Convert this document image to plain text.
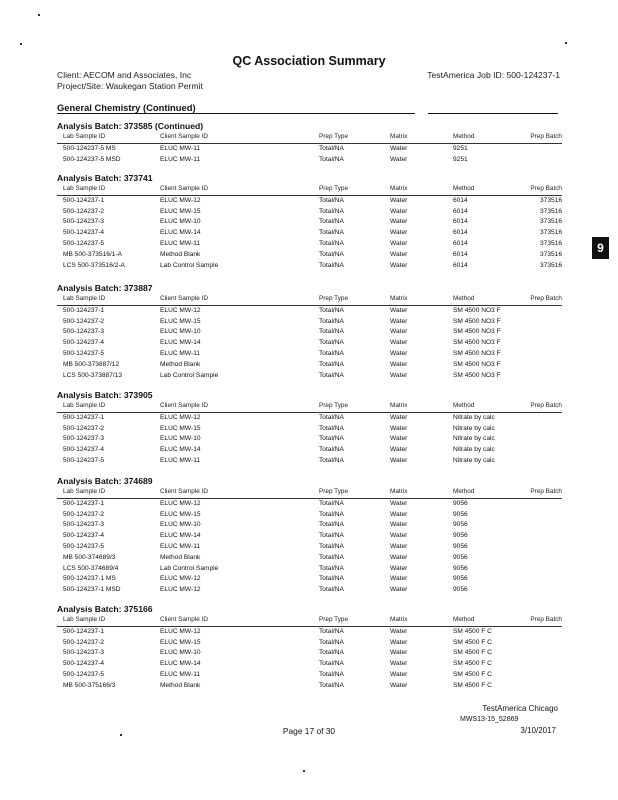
QC Association Summary
Client: AECOM and Associates, Inc
Project/Site: Waukegan Station Permit
TestAmerica Job ID: 500-124237-1
General Chemistry (Continued)
Analysis Batch: 373585 (Continued)
Lab Sample ID	Client Sample ID	Prep Type	Matrix	Method	Prep Batch
500-124237-5 MS	ELUC MW-11	Total/NA	Water	9251
500-124237-5 MSD	ELUC MW-11	Total/NA	Water	9251
Analysis Batch: 373741
Lab Sample ID	Client Sample ID	Prep Type	Matrix	Method	Prep Batch
500-124237-1	ELUC MW-12	Total/NA	Water	6014	373516
500-124237-2	ELUC MW-15	Total/NA	Water	6014	373516
500-124237-3	ELUC MW-10	Total/NA	Water	6014	373516
500-124237-4	ELUC MW-14	Total/NA	Water	6014	373516
500-124237-5	ELUC MW-11	Total/NA	Water	6014	373516
MB 500-373516/1-A	Method Blank	Total/NA	Water	6014	373516
LCS 500-373516/2-A	Lab Control Sample	Total/NA	Water	6014	373516
Analysis Batch: 373887
Lab Sample ID	Client Sample ID	Prep Type	Matrix	Method	Prep Batch
500-124237-1	ELUC MW-12	Total/NA	Water	SM 4500 NO3 F
500-124237-2	ELUC MW-15	Total/NA	Water	SM 4500 NO3 F
500-124237-3	ELUC MW-10	Total/NA	Water	SM 4500 NO3 F
500-124237-4	ELUC MW-14	Total/NA	Water	SM 4500 NO3 F
500-124237-5	ELUC MW-11	Total/NA	Water	SM 4500 NO3 F
MB 500-373887/12	Method Blank	Total/NA	Water	SM 4500 NO3 F
LCS 500-373887/13	Lab Control Sample	Total/NA	Water	SM 4500 NO3 F
Analysis Batch: 373905
Lab Sample ID	Client Sample ID	Prep Type	Matrix	Method	Prep Batch
500-124237-1	ELUC MW-12	Total/NA	Water	Nitrate by calc
500-124237-2	ELUC MW-15	Total/NA	Water	Nitrate by calc
500-124237-3	ELUC MW-10	Total/NA	Water	Nitrate by calc
500-124237-4	ELUC MW-14	Total/NA	Water	Nitrate by calc
500-124237-5	ELUC MW-11	Total/NA	Water	Nitrate by calc
Analysis Batch: 374689
Lab Sample ID	Client Sample ID	Prep Type	Matrix	Method	Prep Batch
500-124237-1	ELUC MW-12	Total/NA	Water	9056
500-124237-2	ELUC MW-15	Total/NA	Water	9056
500-124237-3	ELUC MW-10	Total/NA	Water	9056
500-124237-4	ELUC MW-14	Total/NA	Water	9056
500-124237-5	ELUC MW-11	Total/NA	Water	9056
MB 500-374689/3	Method Blank	Total/NA	Water	9056
LCS 500-374689/4	Lab Control Sample	Total/NA	Water	9056
500-124237-1 MS	ELUC MW-12	Total/NA	Water	9056
500-124237-1 MSD	ELUC MW-12	Total/NA	Water	9056
Analysis Batch: 375166
Lab Sample ID	Client Sample ID	Prep Type	Matrix	Method	Prep Batch
500-124237-1	ELUC MW-12	Total/NA	Water	SM 4500 F C
500-124237-2	ELUC MW-15	Total/NA	Water	SM 4500 F C
500-124237-3	ELUC MW-10	Total/NA	Water	SM 4500 F C
500-124237-4	ELUC MW-14	Total/NA	Water	SM 4500 F C
500-124237-5	ELUC MW-11	Total/NA	Water	SM 4500 F C
MB 500-375166/3	Method Blank	Total/NA	Water	SM 4500 F C
9
TestAmerica Chicago
MWS13-15_52869
Page 17 of 30	3/10/2017
